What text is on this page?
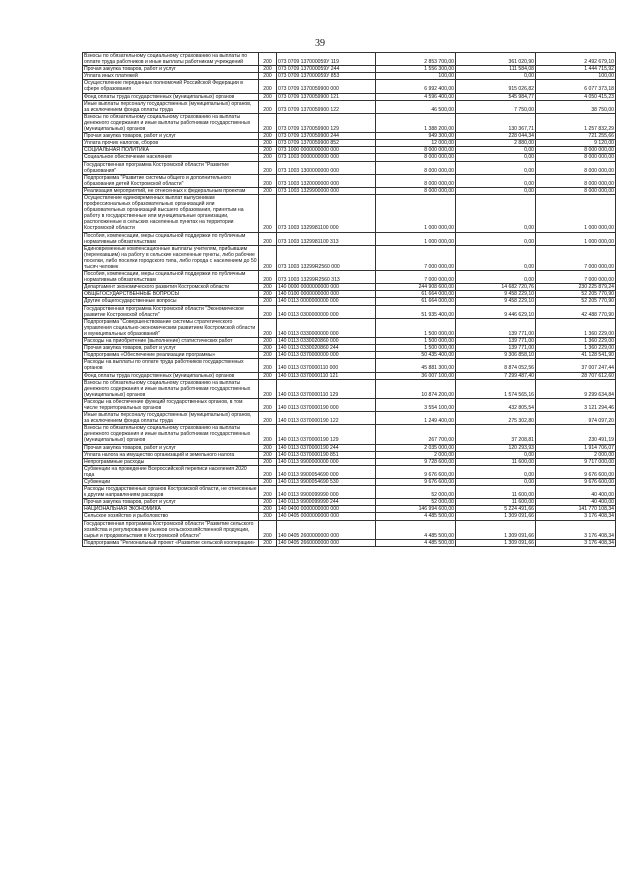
39
Взносы по обязательному социальному страхованию на выплаты по оплате труда работников и иные выплаты работникам учреждений	200	073 0709 137000059У 119	2 853 700,00	361 020,90	2 492 679,10
Прочая закупка товаров, работ и услуг	200	073 0709 137000059У 244	1 556 300,00	111 584,08	1 444 715,92
Уплата иных платежей	200	073 0709 137000059У 853	100,00	0,00	100,00
Осуществление переданных полномочий Российской Федерации в сфере образования	200	073 0709 1370059900 000	6 992 400,00	915 026,82	6 077 373,18
Фонд оплаты труда государственных (муниципальных) органов	200	073 0709 1370059900 121	4 596 400,00	545 984,77	4 050 415,23
Иные выплаты персоналу государственных (муниципальных) органов, за исключением фонда оплаты труда	200	073 0709 1370059900 122	46 500,00	7 750,00	38 750,00
Взносы по обязательному социальному страхованию на выплаты денежного содержания и иные выплаты работникам государственных (муниципальных) органов	200	073 0709 1370059900 129	1 388 200,00	130 367,71	1 257 832,29
Прочая закупка товаров, работ и услуг	200	073 0709 1370059900 244	949 300,00	228 044,34	721 255,66
Уплата прочих налогов, сборов	200	073 0709 1370059900 852	12 000,00	2 880,00	9 120,00
СОЦИАЛЬНАЯ ПОЛИТИКА	200	073 1000 0000000000 000	8 000 000,00	0,00	8 000 000,00
Социальное обеспечение населения	200	073 1003 0000000000 000	8 000 000,00	0,00	8 000 000,00
Государственная программа Костромской области "Развитие образования"	200	073 1003 1300000000 000	8 000 000,00	0,00	8 000 000,00
Подпрограмма "Развитие системы общего и дополнительного образования детей Костромской области"	200	073 1003 1320000000 000	8 000 000,00	0,00	8 000 000,00
Реализация мероприятий, не отнесенных к федеральным проектам	200	073 1003 1329900000 000	8 000 000,00	0,00	8 000 000,00
Осуществление единовременных выплат выпускникам профессиональных образовательных организаций или образовательных организаций высшего образования, принятым на работу в государственные или муниципальные организации, расположенные в сельских населенных пунктах на территории Костромской области	200	073 1003 1329981100 000	1 000 000,00	0,00	1 000 000,00
Пособия, компенсации, меры социальной поддержки по публичным нормативным обязательствам	200	073 1003 1329981100 313	1 000 000,00	0,00	1 000 000,00
Единовременные компенсационные выплаты учителям, прибывшим (переехавшим) на работу в сельские населенные пункты, либо рабочие поселки, либо поселки городского типа, либо города с населением до 50 тысяч человек	200	073 1003 13299R2560 000	7 000 000,00	0,00	7 000 000,00
Пособия, компенсации, меры социальной поддержки по публичным нормативным обязательствам	200	073 1003 13299R2560 313	7 000 000,00	0,00	7 000 000,00
Департамент экономического развития Костромской области	200	140 0000 0000000000 000	244 908 600,00	14 682 720,76	230 225 879,24
ОБЩЕГОСУДАРСТВЕННЫЕ ВОПРОСЫ	200	140 0100 0000000000 000	61 664 000,00	9 458 229,10	52 205 770,90
Другие общегосударственные вопросы	200	140 0113 0000000000 000	61 664 000,00	9 458 229,10	52 205 770,90
Государственная программа Костромской области "Экономическое развитие Костромской области"	200	140 0113 0300000000 000	51 935 400,00	9 446 629,10	42 488 770,90
Подпрограмма "Совершенствование системы стратегического управления социально-экономическим развитием Костромской области и муниципальных образований"	200	140 0113 0330000000 000	1 500 000,00	139 771,00	1 360 229,00
Расходы на приобретение (выполнение) статистических работ	200	140 0113 0330020860 000	1 500 000,00	139 771,00	1 360 229,00
Прочая закупка товаров, работ и услуг	200	140 0113 0330020860 244	1 500 000,00	139 771,00	1 360 229,00
Подпрограмма «Обеспечение реализации программы»	200	140 0113 0370000000 000	50 435 400,00	9 306 858,10	41 128 541,90
Расходы на выплаты по оплате труда работников государственных органов	200	140 0113 0370000110 000	45 881 300,00	8 874 052,56	37 007 247,44
Фонд оплаты труда государственных (муниципальных) органов	200	140 0113 0370000110 121	36 007 100,00	7 299 487,40	28 707 612,60
Взносы по обязательному социальному страхованию на выплаты денежного содержания и иные выплаты работникам государственных (муниципальных) органов	200	140 0113 0370000110 129	10 874 200,00	1 574 565,16	9 299 634,84
Расходы на обеспечение функций государственных органов, в том числе территориальных органов	200	140 0113 0370000190 000	3 554 100,00	432 805,54	3 121 294,46
Иные выплаты персоналу государственных (муниципальных) органов, за исключением фонда оплаты труда	200	140 0113 0370000190 122	1 249 400,00	275 302,80	974 097,20
Взносы по обязательному социальному страхованию на выплаты денежного содержания и иные выплаты работникам государственных (муниципальных) органов	200	140 0113 0370000190 129	267 700,00	37 208,81	230 491,19
Прочая закупка товаров, работ и услуг	200	140 0113 0370000190 244	2 035 000,00	120 293,93	1 914 706,07
Уплата налога на имущество организаций и земельного налога	200	140 0113 0370000190 851	2 000,00	0,00	2 000,00
Непрограммные расходы	200	140 0113 9900000000 000	9 728 600,00	11 600,00	9 717 000,00
Субвенции на проведение Всероссийской переписи населения 2020 года	200	140 0113 9900054690 000	9 676 600,00	0,00	9 676 600,00
Субвенции	200	140 0113 9900054690 530	9 676 600,00	0,00	9 676 600,00
Расходы государственных органов Костромской области, не отнесенные к другим направлениям расходов	200	140 0113 9900099990 000	52 000,00	11 600,00	40 400,00
Прочая закупка товаров, работ и услуг	200	140 0113 9900099990 244	52 000,00	11 600,00	40 400,00
НАЦИОНАЛЬНАЯ ЭКОНОМИКА	200	140 0400 0000000000 000	146 994 600,00	5 224 491,66	141 770 108,34
Сельское хозяйство и рыболовство	200	140 0405 0000000000 000	4 485 500,00	1 309 091,66	3 176 408,34
Государственная программа Костромской области "Развитие сельского хозяйства и регулирование рынков сельскохозяйственной продукции, сырья и продовольствия в Костромской области"	200	140 0405 2600000000 000	4 485 500,00	1 309 091,66	3 176 408,34
Подпрограмма "Региональный проект «Развитие сельской кооперации»	200	140 0405 2660000000 000	4 485 500,00	1 309 091,66	3 176 408,34
